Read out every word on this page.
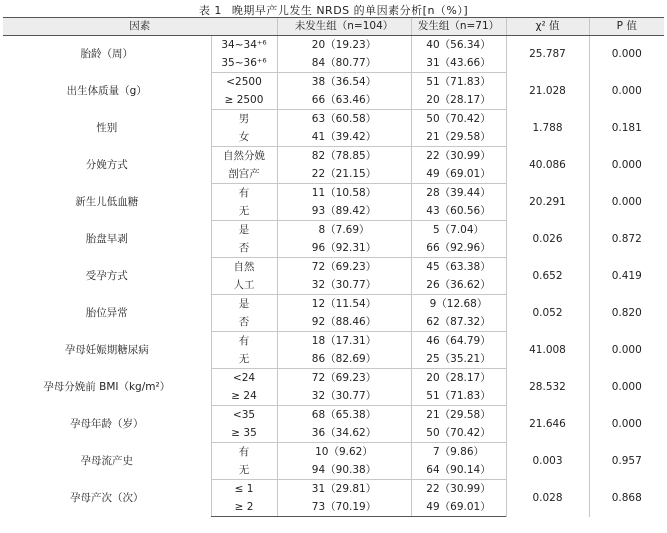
表 1 晚期早产儿发生 NRDS 的单因素分析[n（%）]
因素		未发生组（n=104）	发生组（n=71）	χ² 值	P 值
胎龄（周）	34~34⁺⁶	20（19.23）	40（56.34）	25.787	0.000
	35~36⁺⁶	84（80.77）	31（43.66）		
出生体质量（g）	<2500	38（36.54）	51（71.83）	21.028	0.000
	≥ 2500	66（63.46）	20（28.17）		
性别	男	63（60.58）	50（70.42）	1.788	0.181
	女	41（39.42）	21（29.58）		
分娩方式	自然分娩	82（78.85）	22（30.99）	40.086	0.000
	剖宫产	22（21.15）	49（69.01）		
新生儿低血糖	有	11（10.58）	28（39.44）	20.291	0.000
	无	93（89.42）	43（60.56）		
胎盘早剥	是	8（7.69）	5（7.04）	0.026	0.872
	否	96（92.31）	66（92.96）		
受孕方式	自然	72（69.23）	45（63.38）	0.652	0.419
	人工	32（30.77）	26（36.62）		
胎位异常	是	12（11.54）	9（12.68）	0.052	0.820
	否	92（88.46）	62（87.32）		
孕母妊娠期糖尿病	有	18（17.31）	46（64.79）	41.008	0.000
	无	86（82.69）	25（35.21）		
孕母分娩前 BMI（kg/m²）	<24	72（69.23）	20（28.17）	28.532	0.000
	≥ 24	32（30.77）	51（71.83）		
孕母年龄（岁）	<35	68（65.38）	21（29.58）	21.646	0.000
	≥ 35	36（34.62）	50（70.42）		
孕母流产史	有	10（9.62）	7（9.86）	0.003	0.957
	无	94（90.38）	64（90.14）		
孕母产次（次）	≤ 1	31（29.81）	22（30.99）	0.028	0.868
	≥ 2	73（70.19）	49（69.01）		
